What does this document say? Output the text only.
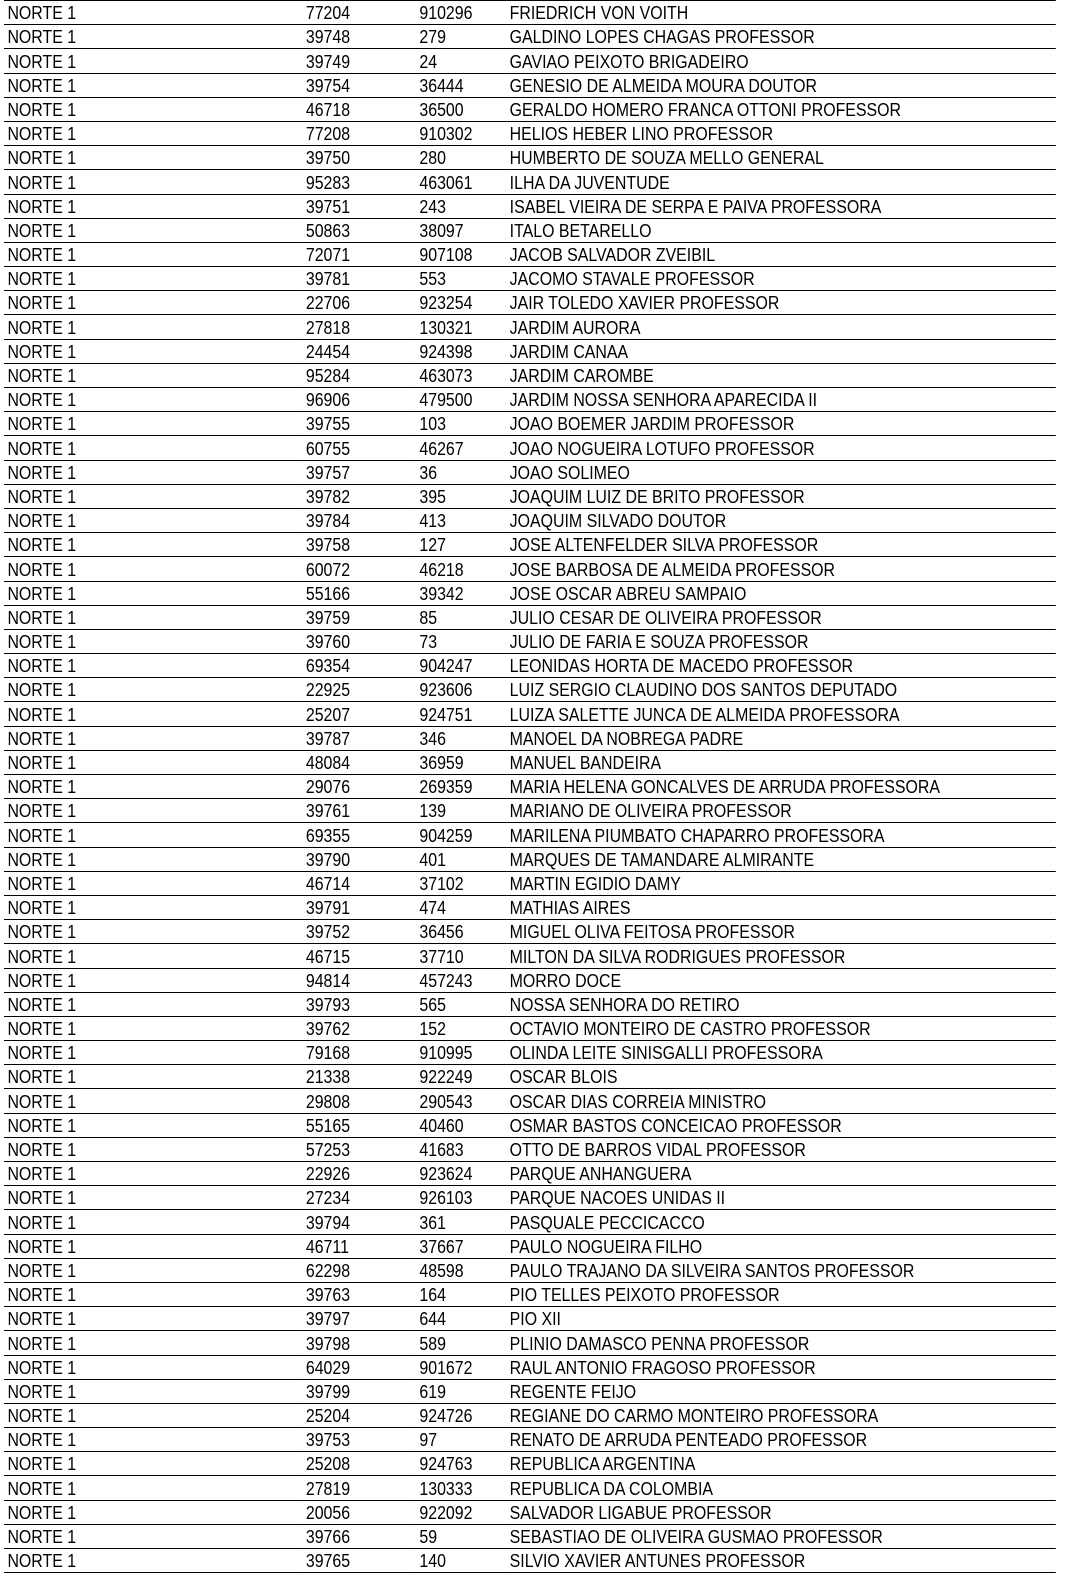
NORTE 1	77204	910296	FRIEDRICH VON VOITH
NORTE 1	39748	279	GALDINO LOPES CHAGAS PROFESSOR
NORTE 1	39749	24	GAVIAO PEIXOTO BRIGADEIRO
NORTE 1	39754	36444	GENESIO DE ALMEIDA MOURA DOUTOR
NORTE 1	46718	36500	GERALDO HOMERO FRANCA OTTONI PROFESSOR
NORTE 1	77208	910302	HELIOS HEBER LINO PROFESSOR
NORTE 1	39750	280	HUMBERTO DE SOUZA MELLO GENERAL
NORTE 1	95283	463061	ILHA DA JUVENTUDE
NORTE 1	39751	243	ISABEL VIEIRA DE SERPA E PAIVA PROFESSORA
NORTE 1	50863	38097	ITALO BETARELLO
NORTE 1	72071	907108	JACOB SALVADOR ZVEIBIL
NORTE 1	39781	553	JACOMO STAVALE PROFESSOR
NORTE 1	22706	923254	JAIR TOLEDO XAVIER PROFESSOR
NORTE 1	27818	130321	JARDIM AURORA
NORTE 1	24454	924398	JARDIM CANAA
NORTE 1	95284	463073	JARDIM CAROMBE
NORTE 1	96906	479500	JARDIM NOSSA SENHORA APARECIDA II
NORTE 1	39755	103	JOAO BOEMER JARDIM PROFESSOR
NORTE 1	60755	46267	JOAO NOGUEIRA LOTUFO PROFESSOR
NORTE 1	39757	36	JOAO SOLIMEO
NORTE 1	39782	395	JOAQUIM LUIZ DE BRITO PROFESSOR
NORTE 1	39784	413	JOAQUIM SILVADO DOUTOR
NORTE 1	39758	127	JOSE ALTENFELDER SILVA PROFESSOR
NORTE 1	60072	46218	JOSE BARBOSA DE ALMEIDA PROFESSOR
NORTE 1	55166	39342	JOSE OSCAR ABREU SAMPAIO
NORTE 1	39759	85	JULIO CESAR DE OLIVEIRA PROFESSOR
NORTE 1	39760	73	JULIO DE FARIA E SOUZA PROFESSOR
NORTE 1	69354	904247	LEONIDAS HORTA DE MACEDO PROFESSOR
NORTE 1	22925	923606	LUIZ SERGIO CLAUDINO DOS SANTOS DEPUTADO
NORTE 1	25207	924751	LUIZA SALETTE JUNCA DE ALMEIDA PROFESSORA
NORTE 1	39787	346	MANOEL DA NOBREGA PADRE
NORTE 1	48084	36959	MANUEL BANDEIRA
NORTE 1	29076	269359	MARIA HELENA GONCALVES DE ARRUDA PROFESSORA
NORTE 1	39761	139	MARIANO DE OLIVEIRA PROFESSOR
NORTE 1	69355	904259	MARILENA PIUMBATO CHAPARRO PROFESSORA
NORTE 1	39790	401	MARQUES DE TAMANDARE ALMIRANTE
NORTE 1	46714	37102	MARTIN EGIDIO DAMY
NORTE 1	39791	474	MATHIAS AIRES
NORTE 1	39752	36456	MIGUEL OLIVA FEITOSA PROFESSOR
NORTE 1	46715	37710	MILTON DA SILVA RODRIGUES PROFESSOR
NORTE 1	94814	457243	MORRO DOCE
NORTE 1	39793	565	NOSSA SENHORA DO RETIRO
NORTE 1	39762	152	OCTAVIO MONTEIRO DE CASTRO PROFESSOR
NORTE 1	79168	910995	OLINDA LEITE SINISGALLI PROFESSORA
NORTE 1	21338	922249	OSCAR BLOIS
NORTE 1	29808	290543	OSCAR DIAS CORREIA MINISTRO
NORTE 1	55165	40460	OSMAR BASTOS CONCEICAO PROFESSOR
NORTE 1	57253	41683	OTTO DE BARROS VIDAL PROFESSOR
NORTE 1	22926	923624	PARQUE ANHANGUERA
NORTE 1	27234	926103	PARQUE NACOES UNIDAS II
NORTE 1	39794	361	PASQUALE PECCICACCO
NORTE 1	46711	37667	PAULO NOGUEIRA FILHO
NORTE 1	62298	48598	PAULO TRAJANO DA SILVEIRA SANTOS PROFESSOR
NORTE 1	39763	164	PIO TELLES PEIXOTO PROFESSOR
NORTE 1	39797	644	PIO XII
NORTE 1	39798	589	PLINIO DAMASCO PENNA PROFESSOR
NORTE 1	64029	901672	RAUL ANTONIO FRAGOSO PROFESSOR
NORTE 1	39799	619	REGENTE FEIJO
NORTE 1	25204	924726	REGIANE DO CARMO MONTEIRO PROFESSORA
NORTE 1	39753	97	RENATO DE ARRUDA PENTEADO PROFESSOR
NORTE 1	25208	924763	REPUBLICA ARGENTINA
NORTE 1	27819	130333	REPUBLICA DA COLOMBIA
NORTE 1	20056	922092	SALVADOR LIGABUE PROFESSOR
NORTE 1	39766	59	SEBASTIAO DE OLIVEIRA GUSMAO PROFESSOR
NORTE 1	39765	140	SILVIO XAVIER ANTUNES PROFESSOR
